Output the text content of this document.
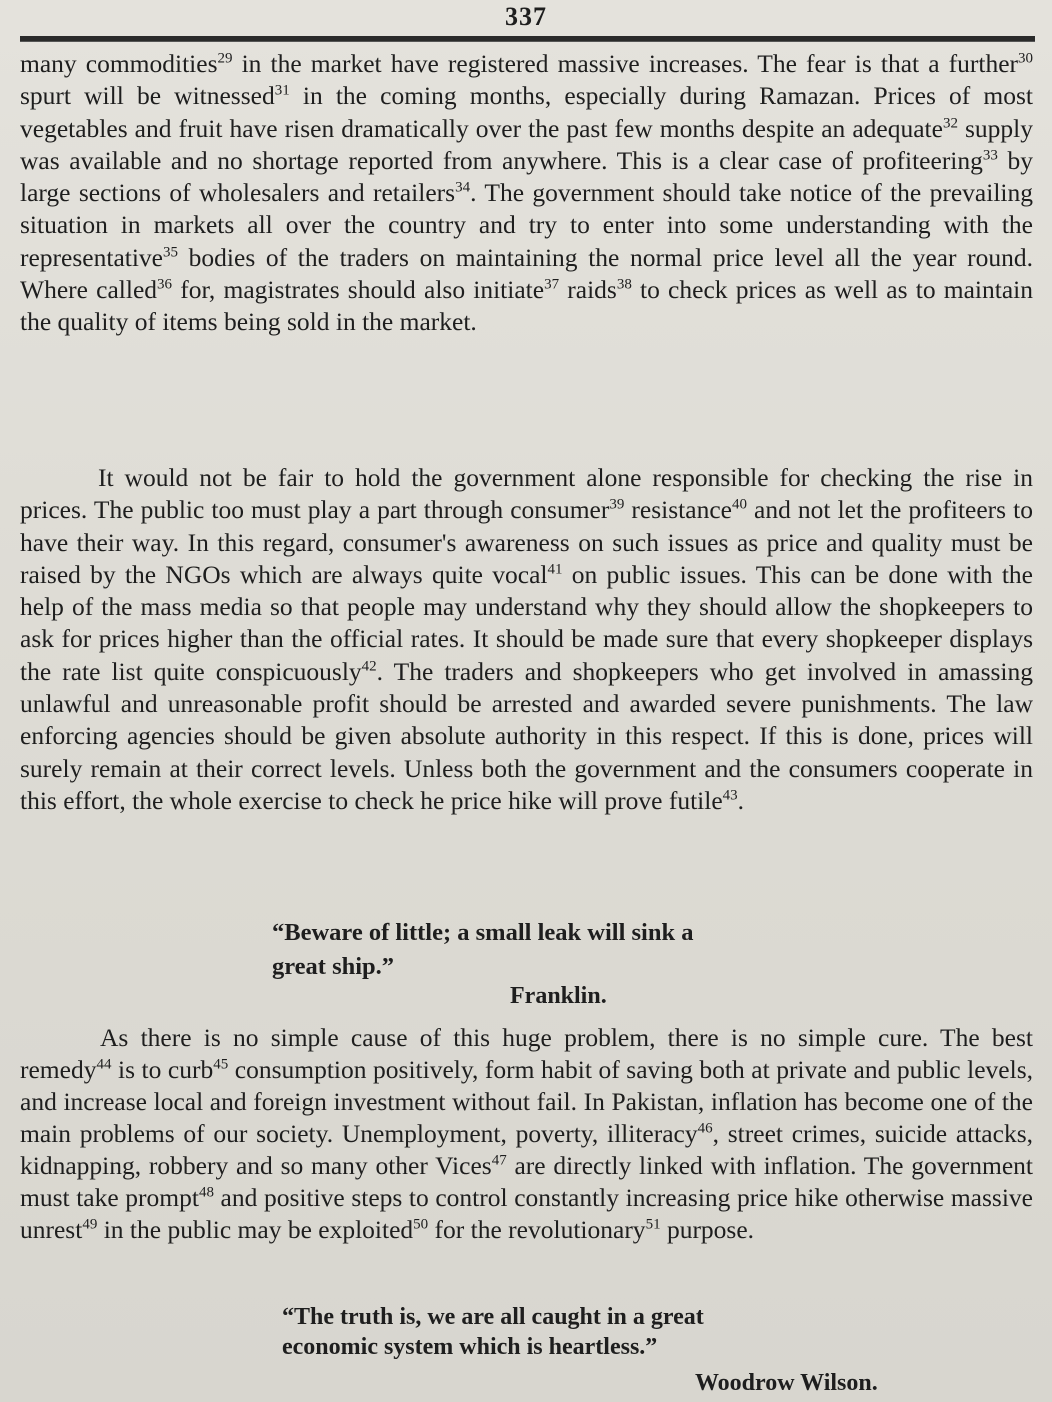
337
many commodities$^{29}$ in the market have registered massive increases. The fear is that a further$^{30}$ spurt will be witnessed$^{31}$ in the coming months, especially during Ramazan. Prices of most vegetables and fruit have risen dramatically over the past few months despite an adequate$^{32}$ supply was available and no shortage reported from anywhere. This is a clear case of profiteering$^{33}$ by large sections of wholesalers and retailers$^{34}$. The government should take notice of the prevailing situation in markets all over the country and try to enter into some understanding with the representative$^{35}$ bodies of the traders on maintaining the normal price level all the year round. Where called$^{36}$ for, magistrates should also initiate$^{37}$ raids$^{38}$ to check prices as well as to maintain the quality of items being sold in the market.
It would not be fair to hold the government alone responsible for checking the rise in prices. The public too must play a part through consumer$^{39}$ resistance$^{40}$ and not let the profiteers to have their way. In this regard, consumer's awareness on such issues as price and quality must be raised by the NGOs which are always quite vocal$^{41}$ on public issues. This can be done with the help of the mass media so that people may understand why they should allow the shopkeepers to ask for prices higher than the official rates. It should be made sure that every shopkeeper displays the rate list quite conspicuously$^{42}$. The traders and shopkeepers who get involved in amassing unlawful and unreasonable profit should be arrested and awarded severe punishments. The law enforcing agencies should be given absolute authority in this respect. If this is done, prices will surely remain at their correct levels. Unless both the government and the consumers cooperate in this effort, the whole exercise to check he price hike will prove futile$^{43}$.
“Beware of little; a small leak will sink a
great ship.”
Franklin.
As there is no simple cause of this huge problem, there is no simple cure. The best remedy$^{44}$ is to curb$^{45}$ consumption positively, form habit of saving both at private and public levels, and increase local and foreign investment without fail. In Pakistan, inflation has become one of the main problems of our society. Unemployment, poverty, illiteracy$^{46}$, street crimes, suicide attacks, kidnapping, robbery and so many other Vices$^{47}$ are directly linked with inflation. The government must take prompt$^{48}$ and positive steps to control constantly increasing price hike otherwise massive unrest$^{49}$ in the public may be exploited$^{50}$ for the revolutionary$^{51}$ purpose.
“The truth is, we are all caught in a great
economic system which is heartless.”
Woodrow Wilson.
